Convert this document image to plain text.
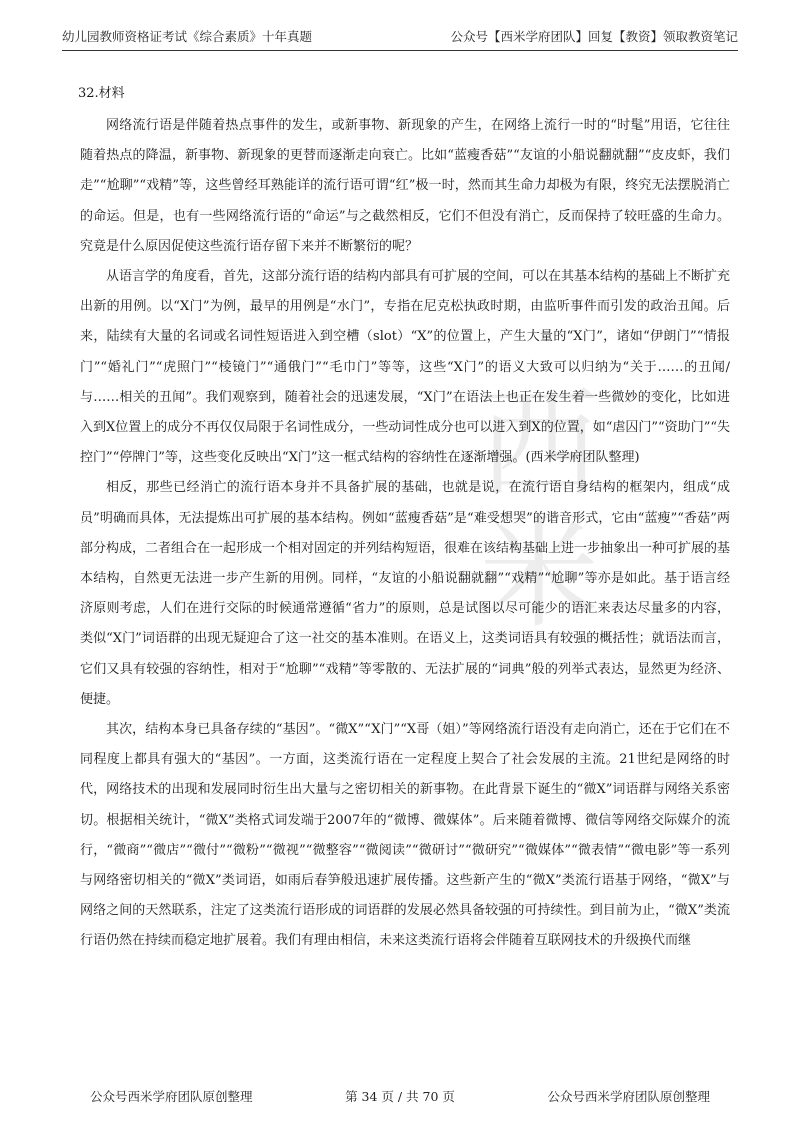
幼儿园教师资格证考试《综合素质》十年真题	公众号【西米学府团队】回复【教资】领取教资笔记
西米
32.材料

网络流行语是伴随着热点事件的发生，或新事物、新现象的产生，在网络上流行一时的“时髦”用语，它往往随着热点的降温，新事物、新现象的更替而逐渐走向衰亡。比如“蓝瘦香菇”“友谊的小船说翻就翻”“皮皮虾，我们走”“尬聊”“戏精”等，这些曾经耳熟能详的流行语可谓“红”极一时，然而其生命力却极为有限，终究无法摆脱消亡的命运。但是，也有一些网络流行语的“命运”与之截然相反，它们不但没有消亡，反而保持了较旺盛的生命力。究竟是什么原因促使这些流行语存留下来并不断繁衍的呢？

从语言学的角度看，首先，这部分流行语的结构内部具有可扩展的空间，可以在其基本结构的基础上不断扩充出新的用例。以“X门”为例，最早的用例是“水门”，专指在尼克松执政时期，由监听事件而引发的政治丑闻。后来，陆续有大量的名词或名词性短语进入到空槽（slot）“X”的位置上，产生大量的“X门”，诸如“伊朗门”“情报门”“婚礼门”“虎照门”“棱镜门”“通俄门”“毛巾门”等等，这些“X门”的语义大致可以归纳为“关于……的丑闻/与……相关的丑闻”。我们观察到，随着社会的迅速发展，“X门”在语法上也正在发生着一些微妙的变化，比如进入到X位置上的成分不再仅仅局限于名词性成分，一些动词性成分也可以进入到X的位置，如“虐囚门”“资助门”“失控门”“停牌门”等，这些变化反映出“X门”这一框式结构的容纳性在逐渐增强。(西米学府团队整理)

相反，那些已经消亡的流行语本身并不具备扩展的基础，也就是说，在流行语自身结构的框架内，组成“成员”明确而具体，无法提炼出可扩展的基本结构。例如“蓝瘦香菇”是“难受想哭”的谐音形式，它由“蓝瘦”“香菇”两部分构成，二者组合在一起形成一个相对固定的并列结构短语，很难在该结构基础上进一步抽象出一种可扩展的基本结构，自然更无法进一步产生新的用例。同样，“友谊的小船说翻就翻”“戏精”“尬聊”等亦是如此。基于语言经济原则考虑，人们在进行交际的时候通常遵循“省力”的原则，总是试图以尽可能少的语汇来表达尽量多的内容，类似“X门”词语群的出现无疑迎合了这一社交的基本准则。在语义上，这类词语具有较强的概括性；就语法而言，它们又具有较强的容纳性，相对于“尬聊”“戏精”等零散的、无法扩展的“词典”般的列举式表达，显然更为经济、便捷。

其次，结构本身已具备存续的“基因”。“微X”“X门”“X哥（姐）”等网络流行语没有走向消亡，还在于它们在不同程度上都具有强大的“基因”。一方面，这类流行语在一定程度上契合了社会发展的主流。21世纪是网络的时代，网络技术的出现和发展同时衍生出大量与之密切相关的新事物。在此背景下诞生的“微X”词语群与网络关系密切。根据相关统计，“微X”类格式词发端于2007年的“微博、微媒体”。后来随着微博、微信等网络交际媒介的流行，“微商”“微店”“微付”“微粉”“微视”“微整容”“微阅读”“微研讨”“微研究”“微媒体”“微表情”“微电影”等一系列与网络密切相关的“微X”类词语，如雨后春笋般迅速扩展传播。这些新产生的“微X”类流行语基于网络，“微X”与网络之间的天然联系，注定了这类流行语形成的词语群的发展必然具备较强的可持续性。到目前为止，“微X”类流行语仍然在持续而稳定地扩展着。我们有理由相信，未来这类流行语将会伴随着互联网技术的升级换代而继

公众号西米学府团队原创整理	第 34 页 / 共 70 页	公众号西米学府团队原创整理
